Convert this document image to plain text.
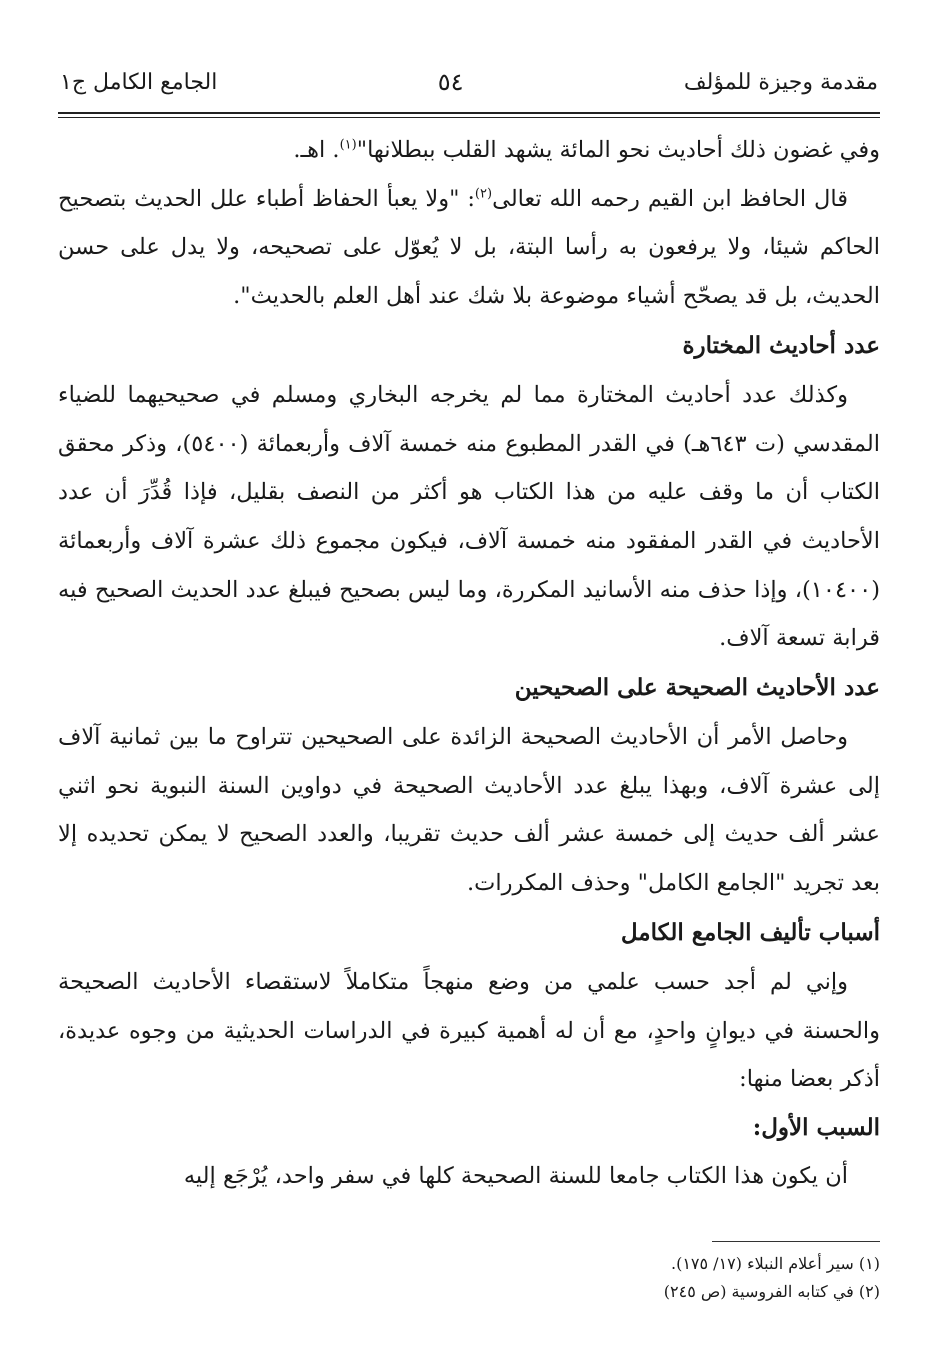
مقدمة وجيزة للمؤلف
٥٤
الجامع الكامل ج١

وفي غضون ذلك أحاديث نحو المائة يشهد القلب ببطلانها"$^{(١)}$. اهـ.

قال الحافظ ابن القيم رحمه الله تعالى$^{(٢)}$: "ولا يعبأ الحفاظ أطباء علل الحديث بتصحيح الحاكم شيئا، ولا يرفعون به رأسا البتة، بل لا يُعوّل على تصحيحه، ولا يدل على حسن الحديث، بل قد يصحّح أشياء موضوعة بلا شك عند أهل العلم بالحديث".

عدد أحاديث المختارة

وكذلك عدد أحاديث المختارة مما لم يخرجه البخاري ومسلم في صحيحيهما للضياء المقدسي (ت ٦٤٣هـ) في القدر المطبوع منه خمسة آلاف وأربعمائة (٥٤٠٠)، وذكر محقق الكتاب أن ما وقف عليه من هذا الكتاب هو أكثر من النصف بقليل، فإذا قُدِّرَ أن عدد الأحاديث في القدر المفقود منه خمسة آلاف، فيكون مجموع ذلك عشرة آلاف وأربعمائة (١٠٤٠٠)، وإذا حذف منه الأسانيد المكررة، وما ليس بصحيح فيبلغ عدد الحديث الصحيح فيه قرابة تسعة آلاف.

عدد الأحاديث الصحيحة على الصحيحين

وحاصل الأمر أن الأحاديث الصحيحة الزائدة على الصحيحين تتراوح ما بين ثمانية آلاف إلى عشرة آلاف، وبهذا يبلغ عدد الأحاديث الصحيحة في دواوين السنة النبوية نحو اثني عشر ألف حديث إلى خمسة عشر ألف حديث تقريبا، والعدد الصحيح لا يمكن تحديده إلا بعد تجريد "الجامع الكامل" وحذف المكررات.

أسباب تأليف الجامع الكامل

وإني لم أجد حسب علمي من وضع منهجاً متكاملاً لاستقصاء الأحاديث الصحيحة والحسنة في ديوانٍ واحدٍ، مع أن له أهمية كبيرة في الدراسات الحديثية من وجوه عديدة، أذكر بعضا منها:

السبب الأول:

أن يكون هذا الكتاب جامعا للسنة الصحيحة كلها في سفر واحد، يُرْجَع إليه

(١) سير أعلام النبلاء (١٧/ ١٧٥).
(٢) في كتابه الفروسية (ص ٢٤٥)
